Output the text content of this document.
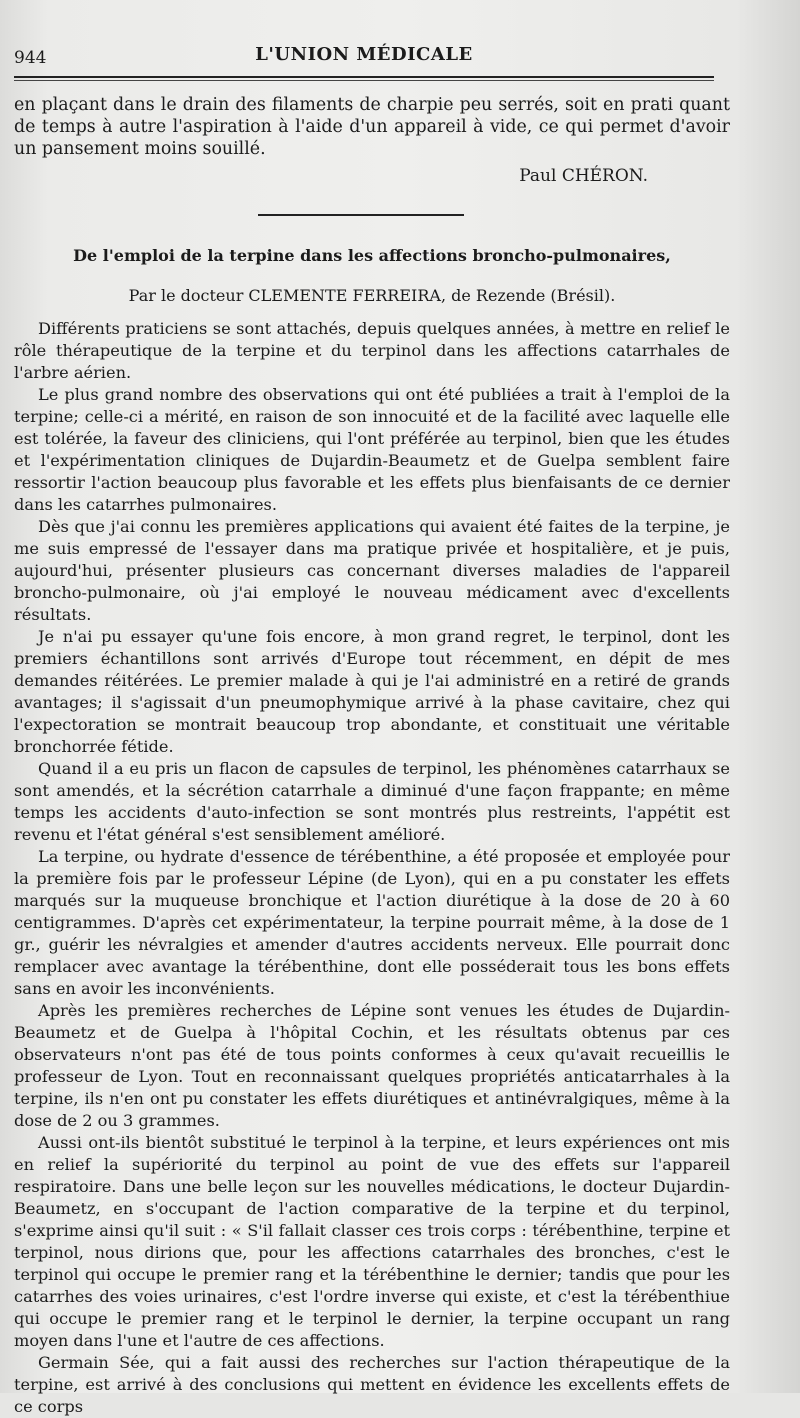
944	L'UNION MÉDICALE
en plaçant dans le drain des filaments de charpie peu serrés, soit en prati quant de temps à autre l'aspiration à l'aide d'un appareil à vide, ce qui permet d'avoir un pansement moins souillé.
Paul CHÉRON.
De l'emploi de la terpine dans les affections broncho-pulmonaires,
Par le docteur CLEMENTE FERREIRA, de Rezende (Brésil).

Différents praticiens se sont attachés, depuis quelques années, à mettre en relief le rôle thérapeutique de la terpine et du terpinol dans les affections catarrhales de l'arbre aérien.

Le plus grand nombre des observations qui ont été publiées a trait à l'emploi de la terpine; celle-ci a mérité, en raison de son innocuité et de la facilité avec laquelle elle est tolérée, la faveur des cliniciens, qui l'ont préférée au terpinol, bien que les études et l'expérimentation cliniques de Dujardin-Beaumetz et de Guelpa semblent faire ressortir l'action beaucoup plus favorable et les effets plus bienfaisants de ce dernier dans les catarrhes pulmonaires.

Dès que j'ai connu les premières applications qui avaient été faites de la terpine, je me suis empressé de l'essayer dans ma pratique privée et hospitalière, et je puis, aujourd'hui, présenter plusieurs cas concernant diverses maladies de l'appareil broncho-pulmonaire, où j'ai employé le nouveau médicament avec d'excellents résultats.

Je n'ai pu essayer qu'une fois encore, à mon grand regret, le terpinol, dont les premiers échantillons sont arrivés d'Europe tout récemment, en dépit de mes demandes réitérées. Le premier malade à qui je l'ai administré en a retiré de grands avantages; il s'agissait d'un pneumophymique arrivé à la phase cavitaire, chez qui l'expectoration se montrait beaucoup trop abondante, et constituait une véritable bronchorrée fétide.

Quand il a eu pris un flacon de capsules de terpinol, les phénomènes catarrhaux se sont amendés, et la sécrétion catarrhale a diminué d'une façon frappante; en même temps les accidents d'auto-infection se sont montrés plus restreints, l'appétit est revenu et l'état général s'est sensiblement amélioré.

La terpine, ou hydrate d'essence de térébenthine, a été proposée et employée pour la première fois par le professeur Lépine (de Lyon), qui en a pu constater les effets marqués sur la muqueuse bronchique et l'action diurétique à la dose de 20 à 60 centigrammes. D'après cet expérimentateur, la terpine pourrait même, à la dose de 1 gr., guérir les névralgies et amender d'autres accidents nerveux. Elle pourrait donc remplacer avec avantage la térébenthine, dont elle posséderait tous les bons effets sans en avoir les inconvénients.

Après les premières recherches de Lépine sont venues les études de Dujardin-Beaumetz et de Guelpa à l'hôpital Cochin, et les résultats obtenus par ces observateurs n'ont pas été de tous points conformes à ceux qu'avait recueillis le professeur de Lyon. Tout en reconnaissant quelques propriétés anticatarrhales à la terpine, ils n'en ont pu constater les effets diurétiques et antinévralgiques, même à la dose de 2 ou 3 grammes.

Aussi ont-ils bientôt substitué le terpinol à la terpine, et leurs expériences ont mis en relief la supériorité du terpinol au point de vue des effets sur l'appareil respiratoire. Dans une belle leçon sur les nouvelles médications, le docteur Dujardin-Beaumetz, en s'occupant de l'action comparative de la terpine et du terpinol, s'exprime ainsi qu'il suit : « S'il fallait classer ces trois corps : térébenthine, terpine et terpinol, nous dirions que, pour les affections catarrhales des bronches, c'est le terpinol qui occupe le premier rang et la térébenthine le dernier; tandis que pour les catarrhes des voies urinaires, c'est l'ordre inverse qui existe, et c'est la térébenthiue qui occupe le premier rang et le terpinol le dernier, la terpine occupant un rang moyen dans l'une et l'autre de ces affections.

Germain Sée, qui a fait aussi des recherches sur l'action thérapeutique de la terpine, est arrivé à des conclusions qui mettent en évidence les excellents effets de ce corps
